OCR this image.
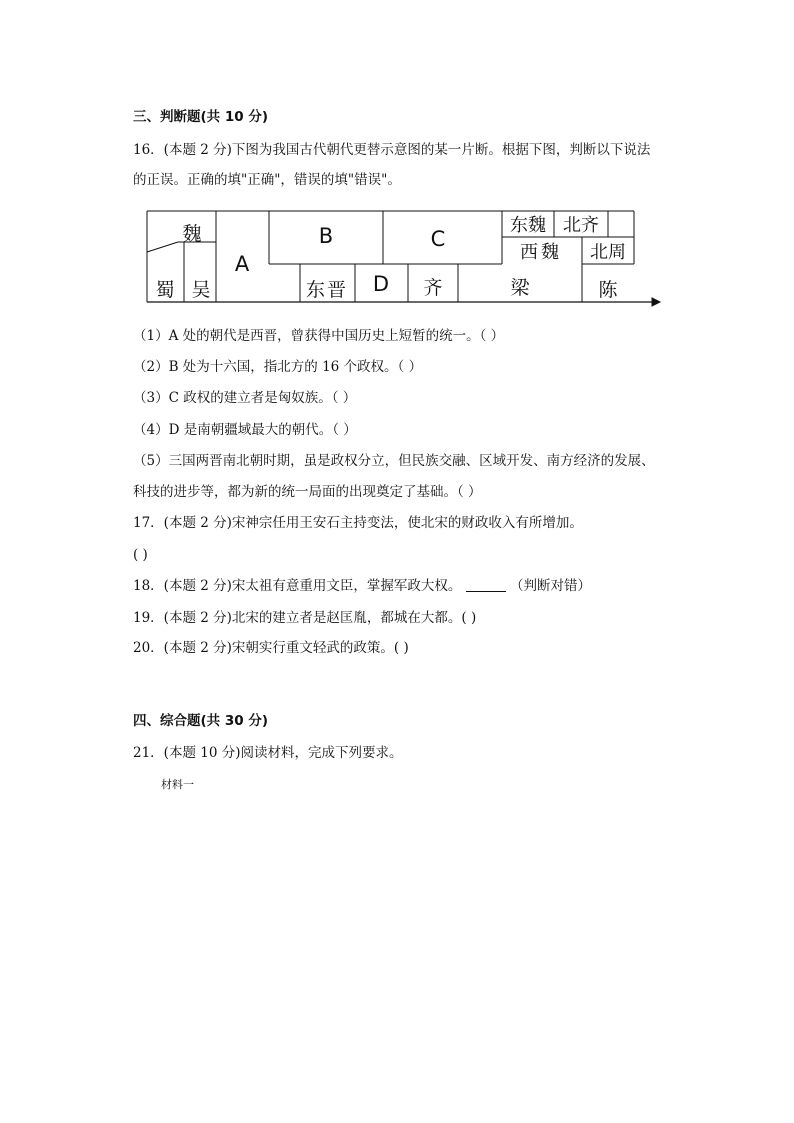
三、判断题(共 10 分)
16．(本题 2 分)下图为我国古代朝代更替示意图的某一片断。根据下图，判断以下说法
的正误。正确的填"正确"，错误的填"错误"。
魏
蜀 吴
A
B	C
D
东晋	齐	梁	陈
东魏 北齐
西魏 北周
（1）A 处的朝代是西晋，曾获得中国历史上短暂的统一。（ ）
（2）B 处为十六国，指北方的 16 个政权。（ ）
（3）C 政权的建立者是匈奴族。（ ）
（4）D 是南朝疆域最大的朝代。（ ）
（5）三国两晋南北朝时期，虽是政权分立，但民族交融、区域开发、南方经济的发展、
科技的进步等，都为新的统一局面的出现奠定了基础。（ ）
17．(本题 2 分)宋神宗任用王安石主持变法，使北宋的财政收入有所增加。
( )
18．(本题 2 分)宋太祖有意重用文臣，掌握军政大权。	（判断对错）
19．(本题 2 分)北宋的建立者是赵匡胤，都城在大都。( )
20．(本题 2 分)宋朝实行重文轻武的政策。( )
四、综合题(共 30 分)
21．(本题 10 分)阅读材料，完成下列要求。
材料一
